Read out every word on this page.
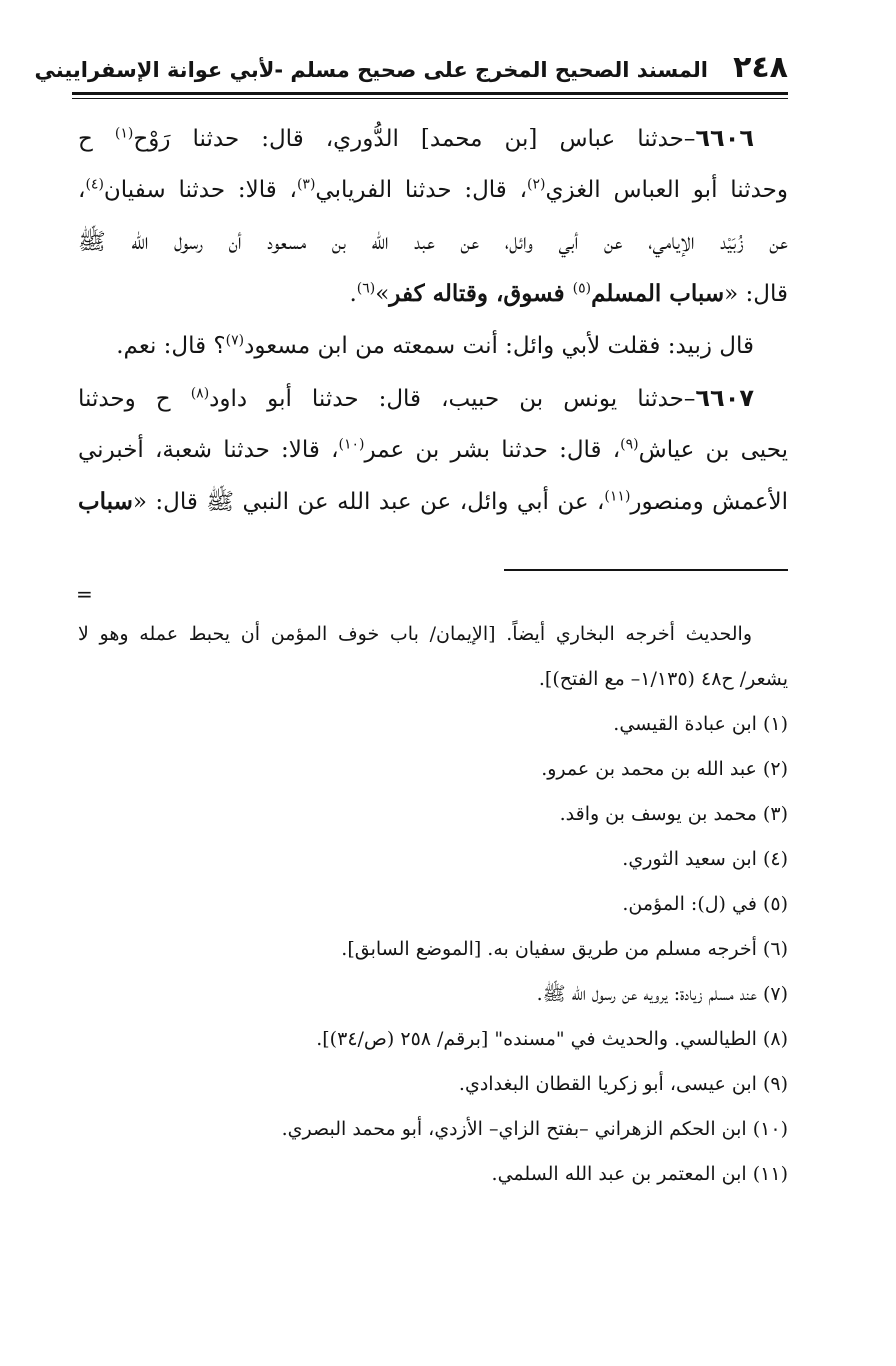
٢٤٨
المسند الصحيح المخرج على صحيح مسلم -لأبي عوانة الإسفراييني
٦٦٠٦–حدثنا عباس [بن محمد] الدُّوري، قال: حدثنا رَوْح$^{(١)}$ ح
وحدثنا أبو العباس الغزي$^{(٢)}$، قال: حدثنا الفريابي$^{(٣)}$، قالا: حدثنا سفيان$^{(٤)}$،
عن زُبَيْد الإيامي، عن أبي وائل، عن عبد الله بن مسعود أن رسول الله ﷺ
قال: «سباب المسلم$^{(٥)}$ فسوق، وقتاله كفر»$^{(٦)}$.
قال زبيد: فقلت لأبي وائل: أنت سمعته من ابن مسعود$^{(٧)}$؟ قال: نعم.
٦٦٠٧–حدثنا يونس بن حبيب، قال: حدثنا أبو داود$^{(٨)}$ ح وحدثنا
يحيى بن عياش$^{(٩)}$، قال: حدثنا بشر بن عمر$^{(١٠)}$، قالا: حدثنا شعبة، أخبرني
الأعمش ومنصور$^{(١١)}$، عن أبي وائل، عن عبد الله عن النبي ﷺ قال: «سباب
=
والحديث أخرجه البخاري أيضاً. [الإيمان/ باب خوف المؤمن أن يحبط عمله وهو لا
يشعر/ ح٤٨ (١/١٣٥– مع الفتح)].
(١) ابن عبادة القيسي.
(٢) عبد الله بن محمد بن عمرو.
(٣) محمد بن يوسف بن واقد.
(٤) ابن سعيد الثوري.
(٥) في (ل): المؤمن.
(٦) أخرجه مسلم من طريق سفيان به. [الموضع السابق].
(٧) عند مسلم زيادة: يرويه عن رسول الله ﷺ.
(٨) الطيالسي. والحديث في "مسنده" [برقم/ ٢٥٨ (ص/٣٤)].
(٩) ابن عيسى، أبو زكريا القطان البغدادي.
(١٠) ابن الحكم الزهراني –بفتح الزاي– الأزدي، أبو محمد البصري.
(١١) ابن المعتمر بن عبد الله السلمي.
